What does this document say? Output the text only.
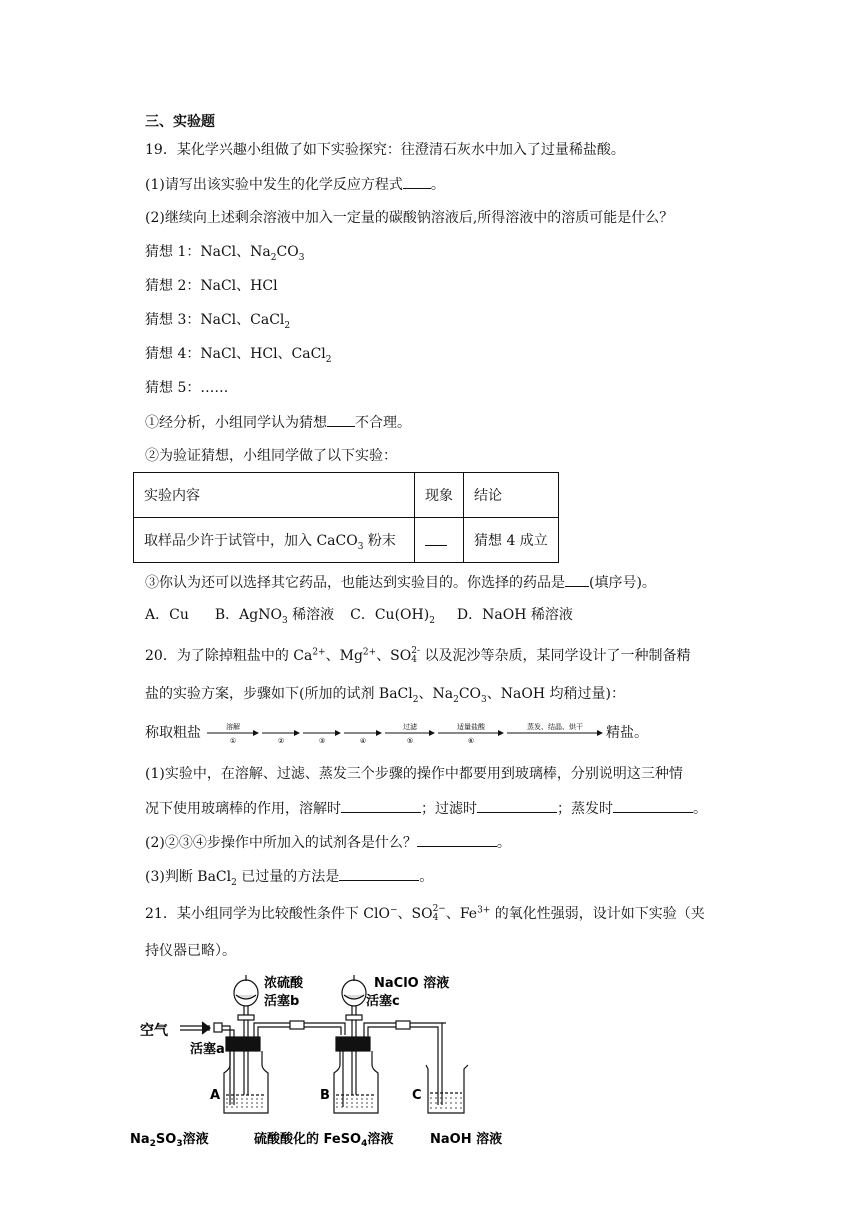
三、实验题
19．某化学兴趣小组做了如下实验探究：往澄清石灰水中加入了过量稀盐酸。
(1)请写出该实验中发生的化学反应方程式 。
(2)继续向上述剩余溶液中加入一定量的碳酸钠溶液后,所得溶液中的溶质可能是什么？
猜想 1：NaCl、$Na_2CO_3$
猜想 2：NaCl、HCl
猜想 3：NaCl、CaCl$_2$
猜想 4：NaCl、HCl、CaCl$_2$
猜想 5：……
①经分析，小组同学认为猜想 不合理。
②为验证猜想，小组同学做了以下实验：
实验内容	现象	结论
取样品少许于试管中，加入 CaCO$_3$ 粉末		猜想 4 成立
③你认为还可以选择其它药品，也能达到实验目的。你选择的药品是 (填序号)。
A．Cu B．AgNO$_3$ 稀溶液 C．$Cu(OH)_2$ D．NaOH 稀溶液
20．为了除掉粗盐中的 $Ca^{2+}$、$Mg^{2+}$、SO 2-
4 以及泥沙等杂质，某同学设计了一种制备精
盐的实验方案，步骤如下(所加的试剂 BaCl$_2$、$Na_2CO_3$、NaOH 均稍过量)：
称取粗盐	溶解
①	②	③	④
过滤
⑤
适量盐酸
⑥
蒸发、结晶、烘干 精盐。
(1)实验中，在溶解、过滤、蒸发三个步骤的操作中都要用到玻璃棒，分别说明这三种情
况下使用玻璃棒的作用，溶解时	；过滤时	；蒸发时	。
(2)②③④步操作中所加入的试剂各是什么？	。
(3)判断 BaCl$_2$ 已过量的方法是	。
21．某小组同学为比较酸性条件下 ClO−、SO 2−
4 、$Fe^{3+}$ 的氧化性强弱，设计如下实验（夹
持仪器已略）。
浓硫酸
活塞b
空气
活塞a
A
NaClO 溶液
活塞c
B	C
$Na_2SO_3$溶液	硫酸酸化的 FeSO$_4$溶液	NaOH 溶液
